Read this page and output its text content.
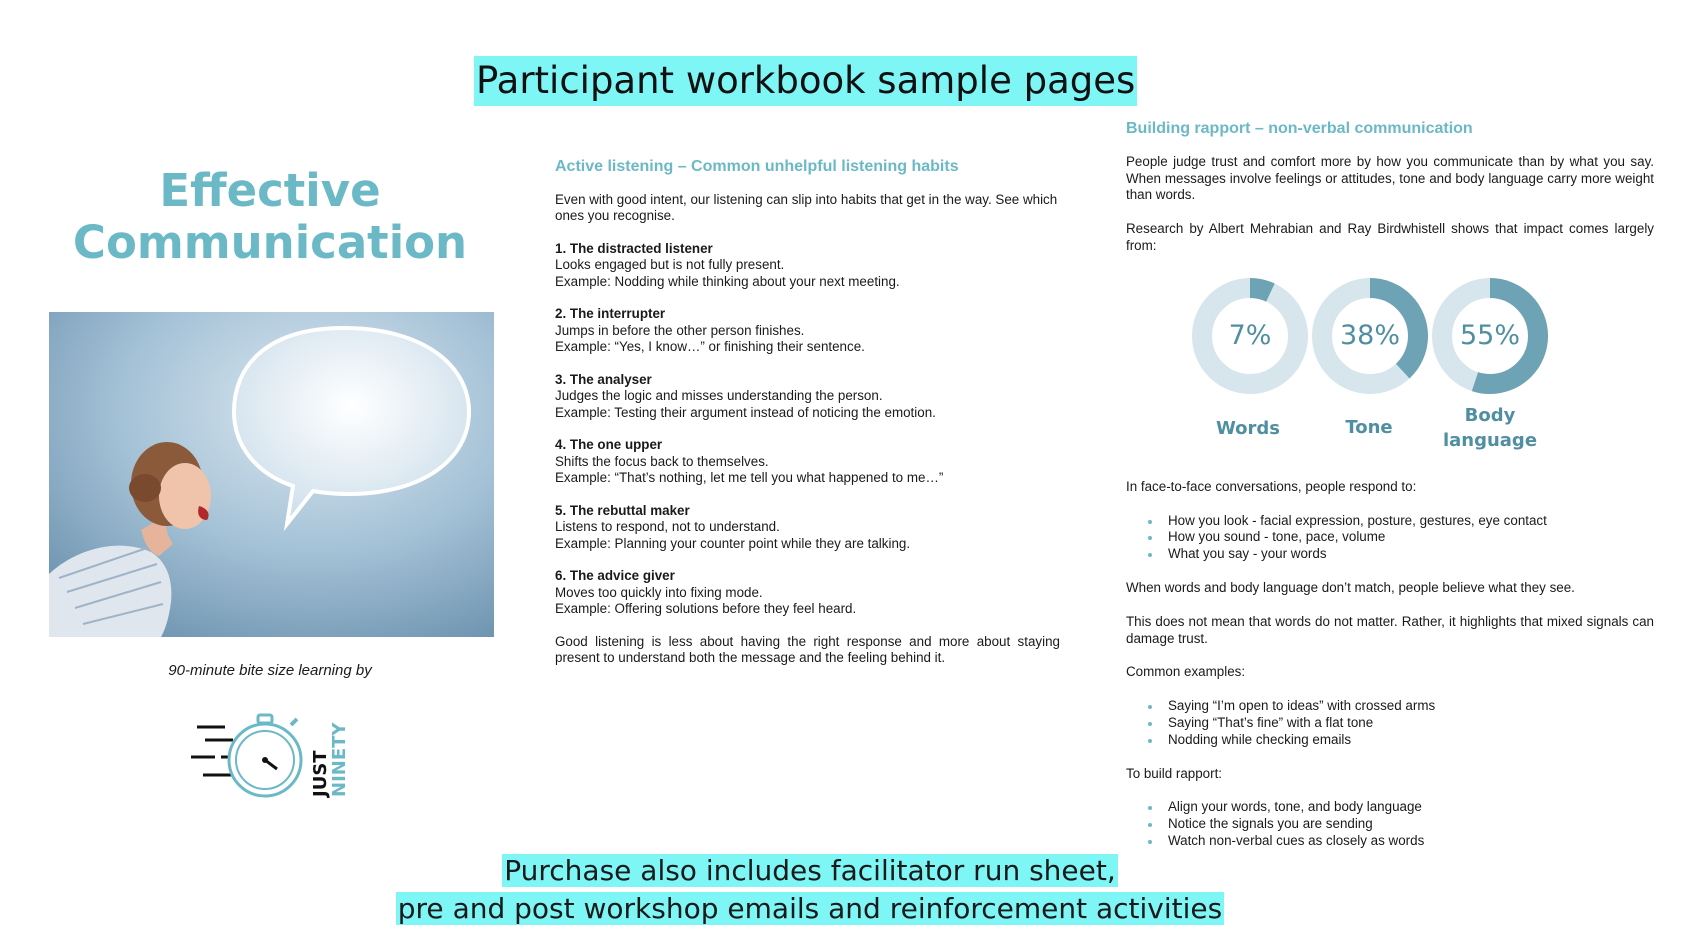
Participant workbook sample pages
Effective
Communication
90-minute bite size learning by
JUST
NINETY
Active listening – Common unhelpful listening habits

Even with good intent, our listening can slip into habits that get in the way. See which ones you recognise.

1. The distracted listener
Looks engaged but is not fully present.
Example: Nodding while thinking about your next meeting.

2. The interrupter
Jumps in before the other person finishes.
Example: “Yes, I know…” or finishing their sentence.

3. The analyser
Judges the logic and misses understanding the person.
Example: Testing their argument instead of noticing the emotion.

4. The one upper
Shifts the focus back to themselves.
Example: “That’s nothing, let me tell you what happened to me…”

5. The rebuttal maker
Listens to respond, not to understand.
Example: Planning your counter point while they are talking.

6. The advice giver
Moves too quickly into fixing mode.
Example: Offering solutions before they feel heard.

Good listening is less about having the right response and more about staying present to understand both the message and the feeling behind it.

Building rapport – non-verbal communication

People judge trust and comfort more by how you communicate than by what you say. When messages involve feelings or attitudes, tone and body language carry more weight than words.

Research by Albert Mehrabian and Ray Birdwhistell shows that impact comes largely from:

In face-to-face conversations, people respond to:

How you look - facial expression, posture, gestures, eye contact
How you sound - tone, pace, volume
What you say - your words

When words and body language don’t match, people believe what they see.

This does not mean that words do not matter. Rather, it highlights that mixed signals can damage trust.

Common examples:

Saying “I’m open to ideas” with crossed arms
Saying “That’s fine” with a flat tone
Nodding while checking emails

To build rapport:

Align your words, tone, and body language
Notice the signals you are sending
Watch non-verbal cues as closely as words
7%	38%	55%
Words	Tone
Body language
Purchase also includes facilitator run sheet,
pre and post workshop emails and reinforcement activities
